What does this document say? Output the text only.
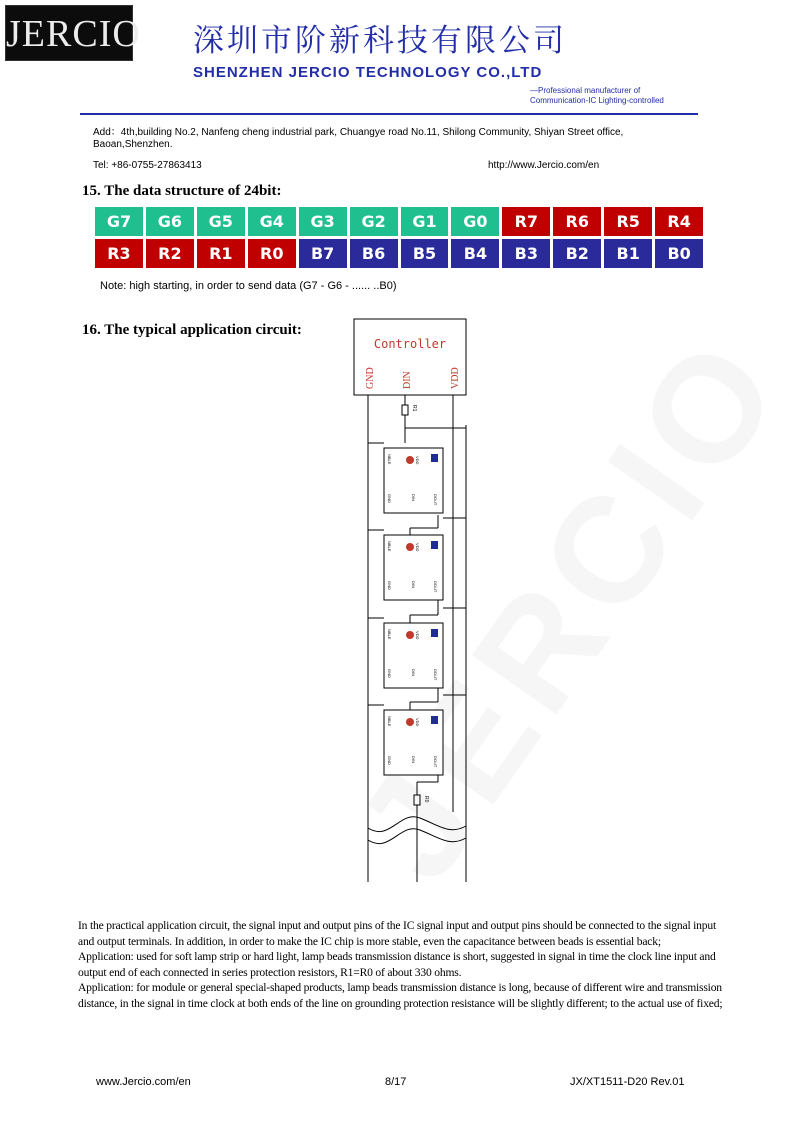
JERCIO 深圳市阶新科技有限公司
SHENZHEN JERCIO TECHNOLOGY CO.,LTD
—Professional manufacturer of
Communication-IC Lighting-controlled
Add：4th,building No.2, Nanfeng cheng industrial park, Chuangye road No.11, Shilong Community, Shiyan Street office, Baoan,Shenzhen.
Tel: +86-0755-27863413	http://www.Jercio.com/en
15. The data structure of 24bit:
G7	G6	G5	G4	G3	G2	G1	G0	R7	R6	R5	R4
R3	R2	R1	R0	B7	B6	B5	B4	B3	B2	B1	B0
Note: high starting, in order to send data (G7 - G6 - ...... ..B0)
16. The typical application circuit:
NBLE
GND	DIN	DOUT
VDD
NBLE
GND	DIN	DOUT
VDD
NBLE
GND	DIN	DOUT
VDD
NBLE
GND	DIN	DOUT
VDD
Controller
GND	DIN	VDD
R1
R0

In the practical application circuit, the signal input and output pins of the IC signal input and output pins should be connected to the signal input and output terminals. In addition, in order to make the IC chip is more stable, even the capacitance between beads is essential back;

Application: used for soft lamp strip or hard light, lamp beads transmission distance is short, suggested in signal in time the clock line input and output end of each connected in series protection resistors, R1=R0 of about 330 ohms.

Application: for module or general special-shaped products, lamp beads transmission distance is long, because of different wire and transmission distance, in the signal in time clock at both ends of the line on grounding protection resistance will be slightly different; to the actual use of fixed;

www.Jercio.com/en	8/17	JX/XT1511-D20 Rev.01
